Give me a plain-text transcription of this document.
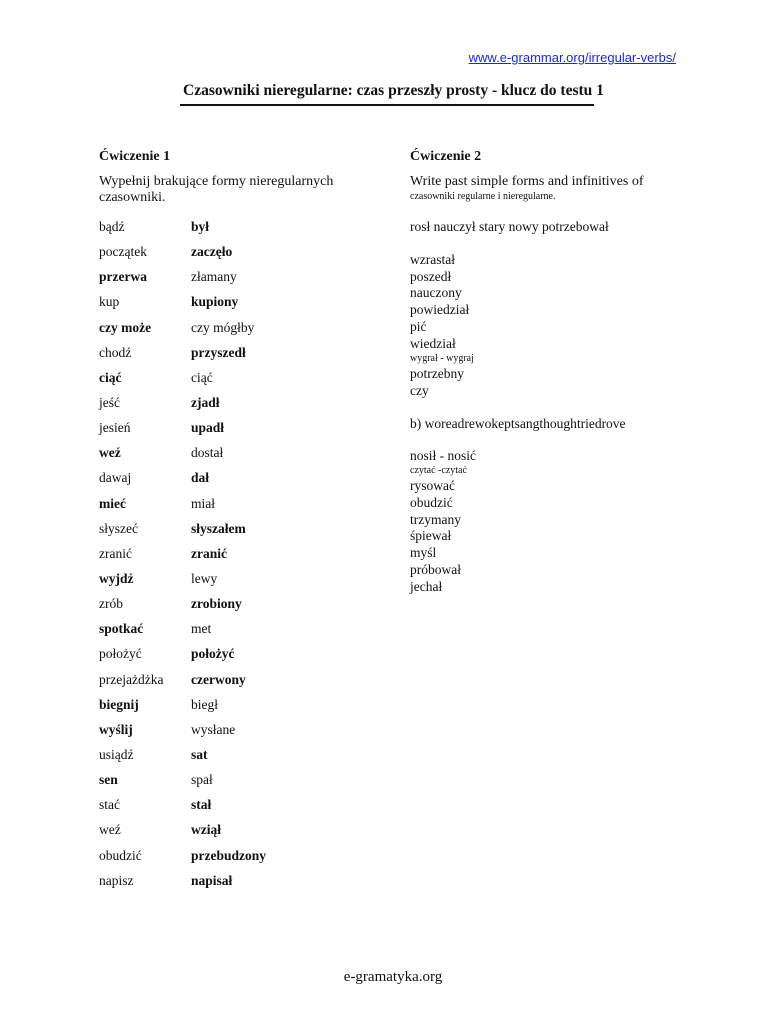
www.e-grammar.org/irregular-verbs/
Czasowniki nieregularne: czas przeszły prosty - klucz do testu 1
Ćwiczenie 1
Wypełnij brakujące formy nieregularnych czasowniki.
bądź	był
początek	zaczęło
przerwa	złamany
kup	kupiony
czy może	czy mógłby
chodź	przyszedł
ciąć	ciąć
jeść	zjadł
jesień	upadł
weź	dostał
dawaj	dał
mieć	miał
słyszeć	słyszałem
zranić	zranić
wyjdź	lewy
zrób	zrobiony
spotkać	met
położyć	położyć
przejażdżka	czerwony
biegnij	biegł
wyślij	wysłane
usiądź	sat
sen	spał
stać	stał
weź	wziął
obudzić	przebudzony
napisz	napisał
Ćwiczenie 2
Write past simple forms and infinitives of
czasowniki regularne i nieregularne.
rosł nauczył stary nowy potrzebował
wzrastał
poszedł
nauczony
powiedział
pić
wiedział
wygrał - wygraj
potrzebny
czy
b) woreadrewokeptsangthoughtriedrove
nosił - nosić
czytać -czytać
rysować
obudzić
trzymany
śpiewał
myśl
próbował
jechał
e-gramatyka.org
